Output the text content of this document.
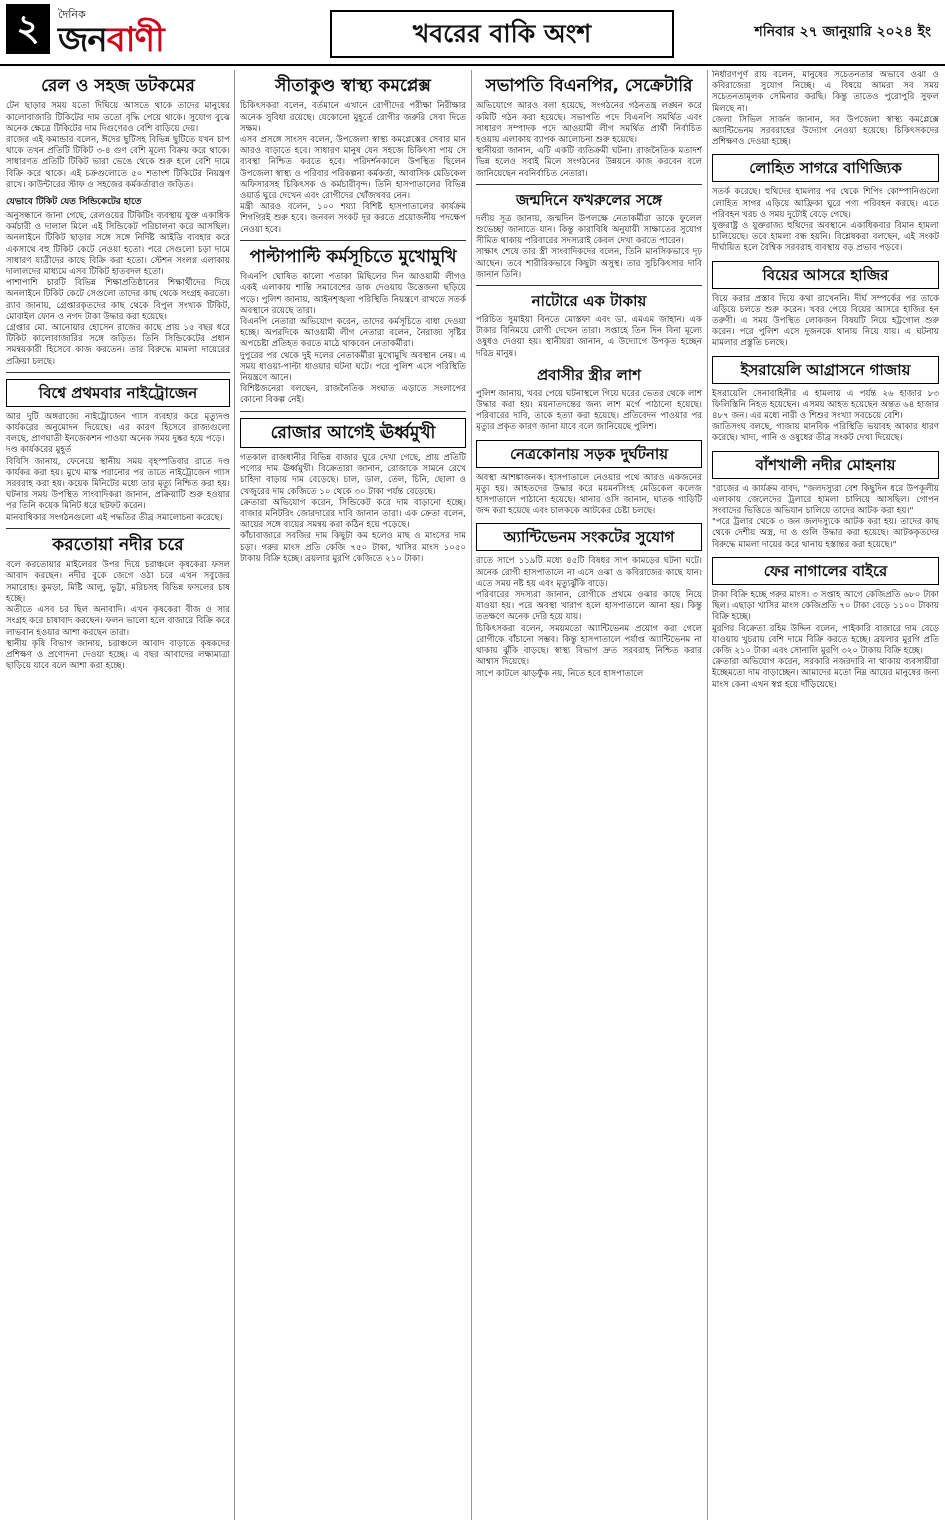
২	দৈনিক
জনবাণী	খবরের বাকি অংশ	শনিবার ২৭ জানুয়ারি ২০২৪ ইং
রেল ও সহজ ডটকমের

টেন ছাড়ার সময় যতো দিঘিয়ে আসতে থাকে তাদের মানুষের কালোবাজারি টিকিটের দাম ততো বৃদ্ধি পেয়ে থাকে। সুযোগ বুঝে অনেক ক্ষেত্রে টিকিটের দাম দিগুণেরও বেশি বাড়িয়ে দেয়।
রাজের এই কমান্ডার বলেন, ঈদের ছুটিসহ বিভিন্ন ছুটিতে যখন চাপ থাকে তখন প্রতিটি টিকিট ৩-৪ গুণ বেশি মূল্যে বিক্রয় করে থাকে। সাধারণত প্রতিটি টিকিট ভারা ভেঙে থেকে শুরু হলে বেশি দামে বিক্রি করে থাকে। এই চক্রগুলোতে ৫০ শতাংশ টিকিটের নিয়ন্ত্রণ রাখে। কাউন্টারের স্টাফ ও সহজের কর্মকর্তারাও জড়িত।

যেভাবে টিকিট যেত সিন্ডিকেটের হাতে

অনুসন্ধানে জানা গেছে, রেলওয়ের টিকিটিং ব্যবস্থায় যুক্ত একাধিক কর্মচারী ও দালাল মিলে এই সিন্ডিকেট পরিচালনা করে আসছিল। অনলাইনে টিকিট ছাড়ার সঙ্গে সঙ্গে নির্দিষ্ট আইডি ব্যবহার করে একসাথে বহু টিকিট কেটে নেওয়া হতো। পরে সেগুলো চড়া দামে সাধারণ যাত্রীদের কাছে বিক্রি করা হতো। স্টেশন সংলগ্ন এলাকায় দালালদের মাধ্যমে এসব টিকিট হাতবদল হতো।
পাশাপাশি চারটি বিভিন্ন শিক্ষাপ্রতিষ্ঠানের শিক্ষার্থীদের দিয়ে অনলাইনে টিকিট কেটে সেগুলো তাদের কাছ থেকে সংগ্রহ করতো। র‍্যাব জানায়, গ্রেপ্তারকৃতদের কাছ থেকে বিপুল সংখ্যক টিকিট, মোবাইল ফোন ও নগদ টাকা উদ্ধার করা হয়েছে।
গ্রেপ্তার মো. আনোয়ার হোসেন রাজের কাছে প্রায় ১৫ বছর ধরে টিকিট কালোবাজারির সঙ্গে জড়িত। তিনি সিন্ডিকেটের প্রধান সমন্বয়কারী হিসেবে কাজ করতেন। তার বিরুদ্ধে মামলা দায়েরের প্রক্রিয়া চলছে।

বিশ্বে প্রথমবার নাইট্রোজেন

আর দুটি অঙ্গরাজ্যে নাইট্রোজেন গ্যাস ব্যবহার করে মৃত্যুদণ্ড কার্যকরের অনুমোদন দিয়েছে। এর কারণ হিসেবে রাজ্যগুলো বলছে, প্রাণঘাতী ইনজেকশন পাওয়া অনেক সময় দুষ্কর হয়ে পড়ে।
দণ্ড কার্যকরের মুহূর্ত
বিবিসি জানায়, ফেনেয়ে স্থানীয় সময় বৃহস্পতিবার রাতে দণ্ড কার্যকর করা হয়। মুখে মাস্ক পরানোর পর তাতে নাইট্রোজেন গ্যাস সরবরাহ করা হয়। কয়েক মিনিটের মধ্যে তার মৃত্যু নিশ্চিত করা হয়। ঘটনার সময় উপস্থিত সাংবাদিকরা জানান, প্রক্রিয়াটি শুরু হওয়ার পর তিনি কয়েক মিনিট ধরে ছটফট করেন।
মানবাধিকার সংগঠনগুলো এই পদ্ধতির তীব্র সমালোচনা করেছে।

করতোয়া নদীর চরে

বলে করতোয়ার মাইলেরর উপর দিয়ে চরাঞ্চলে কৃষকেরা ফসল আবাদ করছেন। নদীর বুকে জেগে ওঠা চরে এখন সবুজের সমারোহ। কুমড়া, মিষ্টি আলু, ভুট্টা, মরিচসহ বিভিন্ন ফসলের চাষ হচ্ছে।
অতীতে এসব চর ছিল অনাবাদি। এখন কৃষকেরা বীজ ও সার সংগ্রহ করে চাষাবাদ করছেন। ফলন ভালো হলে বাজারে বিক্রি করে লাভবান হওয়ার আশা করছেন তারা।
স্থানীয় কৃষি বিভাগ জানায়, চরাঞ্চলে আবাদ বাড়াতে কৃষকদের প্রশিক্ষণ ও প্রণোদনা দেওয়া হচ্ছে। এ বছর আবাদের লক্ষ্যমাত্রা ছাড়িয়ে যাবে বলে আশা করা হচ্ছে।

সীতাকুণ্ড স্বাস্থ্য কমপ্লেক্স

চিকিৎসকরা বলেন, বর্তমানে এখানে রোগীদের পরীক্ষা নিরীক্ষার অনেক সুবিধা রয়েছে। যেকোনো মুহূর্তে রোগীর জরুরি সেবা দিতে সক্ষম।
এসব প্রসঙ্গে সাংসদ বলেন, উপজেলা স্বাস্থ্য কমপ্লেক্সের সেবার মান আরও বাড়াতে হবে। সাধারণ মানুষ যেন সহজে চিকিৎসা পায় সে ব্যবস্থা নিশ্চিত করতে হবে। পরিদর্শনকালে উপস্থিত ছিলেন উপজেলা স্বাস্থ্য ও পরিবার পরিকল্পনা কর্মকর্তা, আবাসিক মেডিকেল অফিসারসহ চিকিৎসক ও কর্মচারীবৃন্দ। তিনি হাসপাতালের বিভিন্ন ওয়ার্ড ঘুরে দেখেন এবং রোগীদের খোঁজখবর নেন।
মন্ত্রী আরও বলেন, ১০০ শয্যা বিশিষ্ট হাসপাতালের কার্যক্রম শিগগিরই শুরু হবে। জনবল সংকট দূর করতে প্রয়োজনীয় পদক্ষেপ নেওয়া হবে।

পাল্টাপাল্টি কর্মসূচিতে মুখোমুখি

বিএনপি ঘোষিত কালো পতাকা মিছিলের দিন আওয়ামী লীগও একই এলাকায় শান্তি সমাবেশের ডাক দেওয়ায় উত্তেজনা ছড়িয়ে পড়ে। পুলিশ জানায়, আইনশৃঙ্খলা পরিস্থিতি নিয়ন্ত্রণে রাখতে সতর্ক অবস্থানে রয়েছে তারা।
বিএনপি নেতারা অভিযোগ করেন, তাদের কর্মসূচিতে বাধা দেওয়া হচ্ছে। অপরদিকে আওয়ামী লীগ নেতারা বলেন, নৈরাজ্য সৃষ্টির অপচেষ্টা প্রতিহত করতে মাঠে থাকবেন নেতাকর্মীরা।
দুপুরের পর থেকে দুই দলের নেতাকর্মীরা মুখোমুখি অবস্থান নেয়। এ সময় ধাওয়া-পাল্টা ধাওয়ার ঘটনা ঘটে। পরে পুলিশ এসে পরিস্থিতি নিয়ন্ত্রণে আনে।
বিশিষ্টজনেরা বলছেন, রাজনৈতিক সংঘাত এড়াতে সংলাপের কোনো বিকল্প নেই।

রোজার আগেই ঊর্ধ্বমুখী

গতকাল রাজধানীর বিভিন্ন বাজার ঘুরে দেখা গেছে, প্রায় প্রতিটি পণ্যের দাম ঊর্ধ্বমুখী। বিক্রেতারা জানান, রোজাকে সামনে রেখে চাহিদা বাড়ায় দাম বেড়েছে। চাল, ডাল, তেল, চিনি, ছোলা ও খেজুরের দাম কেজিতে ১০ থেকে ৩০ টাকা পর্যন্ত বেড়েছে।
ক্রেতারা অভিযোগ করেন, সিন্ডিকেট করে দাম বাড়ানো হচ্ছে। বাজার মনিটরিং জোরদারের দাবি জানান তারা। এক ক্রেতা বলেন, আয়ের সঙ্গে ব্যয়ের সমন্বয় করা কঠিন হয়ে পড়েছে।
কাঁচাবাজারে সবজির দাম কিছুটা কম হলেও মাছ ও মাংসের দাম চড়া। গরুর মাংস প্রতি কেজি ৭৫০ টাকা, খাসির মাংস ১০৫০ টাকায় বিক্রি হচ্ছে। ব্রয়লার মুরগি কেজিতে ২১০ টাকা।

সভাপতি বিএনপির, সেক্রেটারি

অভিযোগে আরও বলা হয়েছে, সংগঠনের গঠনতন্ত্র লঙ্ঘন করে কমিটি গঠন করা হয়েছে। সভাপতি পদে বিএনপি সমর্থিত এবং সাধারণ সম্পাদক পদে আওয়ামী লীগ সমর্থিত প্রার্থী নির্বাচিত হওয়ায় এলাকায় ব্যাপক আলোচনা শুরু হয়েছে।
স্থানীয়রা জানান, এটি একটি ব্যতিক্রমী ঘটনা। রাজনৈতিক মতাদর্শ ভিন্ন হলেও সবাই মিলে সংগঠনের উন্নয়নে কাজ করবেন বলে জানিয়েছেন নবনির্বাচিত নেতারা।

জন্মদিনে ফখরুলের সঙ্গে

দলীয় সূত্র জানায়, জন্মদিন উপলক্ষে নেতাকর্মীরা তাকে ফুলেল শুভেচ্ছা জানাতে যান। কিন্তু কারাবিধি অনুযায়ী সাক্ষাতের সুযোগ সীমিত থাকায় পরিবারের সদস্যরাই কেবল দেখা করতে পারেন।
সাক্ষাৎ শেষে তার স্ত্রী সাংবাদিকদের বলেন, তিনি মানসিকভাবে দৃঢ় আছেন। তবে শারীরিকভাবে কিছুটা অসুস্থ। তার সুচিকিৎসার দাবি জানান তিনি।

নাটোরে এক টাকায়

পরিচিত সুমাইয়া বিনতে মোস্তফা এবং ডা. এমএম জাহান। এক টাকার বিনিময়ে রোগী দেখেন তারা। সপ্তাহে তিন দিন বিনা মূল্যে ওষুধও দেওয়া হয়। স্থানীয়রা জানান, এ উদ্যোগে উপকৃত হচ্ছেন দরিদ্র মানুষ।

প্রবাসীর স্ত্রীর লাশ

পুলিশ জানায়, খবর পেয়ে ঘটনাস্থলে গিয়ে ঘরের ভেতর থেকে লাশ উদ্ধার করা হয়। ময়নাতদন্তের জন্য লাশ মর্গে পাঠানো হয়েছে। পরিবারের দাবি, তাকে হত্যা করা হয়েছে। প্রতিবেদন পাওয়ার পর মৃত্যুর প্রকৃত কারণ জানা যাবে বলে জানিয়েছে পুলিশ।

নেত্রকোনায় সড়ক দুর্ঘটনায়

অবস্থা আশঙ্কাজনক। হাসপাতালে নেওয়ার পথে আরও একজনের মৃত্যু হয়। আহতদের উদ্ধার করে ময়মনসিংহ মেডিকেল কলেজ হাসপাতালে পাঠানো হয়েছে। থানার ওসি জানান, ঘাতক গাড়িটি জব্দ করা হয়েছে এবং চালককে আটকের চেষ্টা চলছে।

অ্যান্টিভেনম সংকটের সুযোগ

রাতে সাপে ১১৯টি মধ্যে ৪৫টি বিষধর সাপ কামড়ের ঘটনা ঘটে। অনেক রোগী হাসপাতালে না এসে ওঝা ও কবিরাজের কাছে যান। এতে সময় নষ্ট হয় এবং মৃত্যুঝুঁকি বাড়ে।
পরিবারের সদস্যরা জানান, রোগীকে প্রথমে ওঝার কাছে নিয়ে যাওয়া হয়। পরে অবস্থা খারাপ হলে হাসপাতালে আনা হয়। কিন্তু ততক্ষণে অনেক দেরি হয়ে যায়।
চিকিৎসকরা বলেন, সময়মতো অ্যান্টিভেনম প্রয়োগ করা গেলে রোগীকে বাঁচানো সম্ভব। কিন্তু হাসপাতালে পর্যাপ্ত অ্যান্টিভেনম না থাকায় ঝুঁকি বাড়ছে। স্বাস্থ্য বিভাগ দ্রুত সরবরাহ নিশ্চিত করার আশ্বাস দিয়েছে।
সাপে কাটলে ঝাড়ফুঁক নয়, নিতে হবে হাসপাতালে

নির্ধারণপূর্ণ রায় বলেন, মানুষের সচেতনতার অভাবে ওঝা ও কবিরাজেরা সুযোগ নিচ্ছে। এ বিষয়ে আমরা সব সময় সচেতনতামূলক সেমিনার করছি। কিন্তু তাতেও পুরোপুরি সুফল মিলছে না।
জেলা সিভিল সার্জন জানান, সব উপজেলা স্বাস্থ্য কমপ্লেক্সে অ্যান্টিভেনম সরবরাহের উদ্যোগ নেওয়া হয়েছে। চিকিৎসকদের প্রশিক্ষণও দেওয়া হচ্ছে।

লোহিত সাগরে বাণিজ্যিক

সতর্ক করেছে। হুথিদের হামলার পর থেকে শিপিং কোম্পানিগুলো লোহিত সাগর এড়িয়ে আফ্রিকা ঘুরে পণ্য পরিবহন করছে। এতে পরিবহন খরচ ও সময় দুটোই বেড়ে গেছে।
যুক্তরাষ্ট্র ও যুক্তরাজ্য হুথিদের অবস্থানে একাধিকবার বিমান হামলা চালিয়েছে। তবে হামলা বন্ধ হয়নি। বিশ্লেষকরা বলছেন, এই সংকট দীর্ঘায়িত হলে বৈশ্বিক সরবরাহ ব্যবস্থায় বড় প্রভাব পড়বে।

বিয়ের আসরে হাজির

বিয়ে করার প্রস্তাব দিয়ে কথা রাখেননি। দীর্ঘ সম্পর্কের পর তাকে এড়িয়ে চলতে শুরু করেন। খবর পেয়ে বিয়ের আসরে হাজির হন তরুণী। এ সময় উপস্থিত লোকজন বিষয়টি নিয়ে হট্টগোল শুরু করেন। পরে পুলিশ এসে দুজনকে থানায় নিয়ে যায়। এ ঘটনায় মামলার প্রস্তুতি চলছে।

ইসরায়েলি আগ্রাসনে গাজায়

ইসরায়েলি সেনাবাহিনীর এ হামলায় এ পর্যন্ত ২৬ হাজার ৮৩ ফিলিস্তিনি নিহত হয়েছেন। এসময় আহত হয়েছেন অন্তত ৬৪ হাজার ৪৮৭ জন। এর মধ্যে নারী ও শিশুর সংখ্যা সবচেয়ে বেশি।
জাতিসংঘ বলছে, গাজায় মানবিক পরিস্থিতি ভয়াবহ আকার ধারণ করেছে। খাদ্য, পানি ও ওষুধের তীব্র সংকট দেখা দিয়েছে।

বাঁশখালী নদীর মোহনায়

"রাজের এ কার্যক্রম বাবদ, "জলদস্যুরা বেশ কিছুদিন ধরে উপকূলীয় এলাকায় জেলেদের ট্রলারে হামলা চালিয়ে আসছিল। গোপন সংবাদের ভিত্তিতে অভিযান চালিয়ে তাদের আটক করা হয়।"
"পরে ট্রলার থেকে ৩ জন জলদস্যুকে আটক করা হয়। তাদের কাছ থেকে দেশীয় অস্ত্র, দা ও গুলি উদ্ধার করা হয়েছে। আটককৃতদের বিরুদ্ধে মামলা দায়ের করে থানায় হস্তান্তর করা হয়েছে।"

ফের নাগালের বাইরে

টাকা বিক্রি হচ্ছে গরুর মাংস। ৩ সপ্তাহ আগে কেজিপ্রতি ৬৮০ টাকা ছিল। এছাড়া খাসির মাংস কেজিপ্রতি ৭০ টাকা বেড়ে ১১০০ টাকায় বিক্রি হচ্ছে।
মুরগির বিক্রেতা রহিম উদ্দিন বলেন, পাইকারি বাজারে দাম বেড়ে যাওয়ায় খুচরায় বেশি দামে বিক্রি করতে হচ্ছে। ব্রয়লার মুরগি প্রতি কেজি ২১০ টাকা এবং সোনালি মুরগি ৩২০ টাকায় বিক্রি হচ্ছে।
ক্রেতারা অভিযোগ করেন, সরকারি নজরদারি না থাকায় ব্যবসায়ীরা ইচ্ছেমতো দাম বাড়াচ্ছেন। আমাদের মতো নিম্ন আয়ের মানুষের জন্য মাংস কেনা এখন স্বপ্ন হয়ে দাঁড়িয়েছে।
